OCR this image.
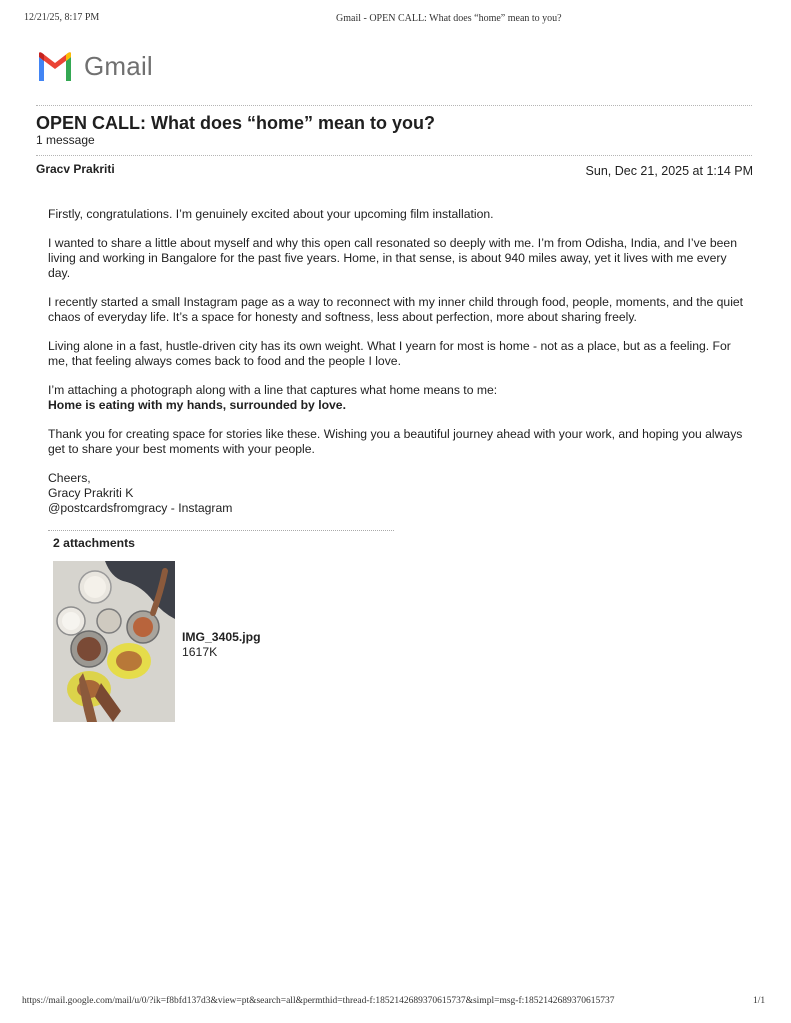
12/21/25, 8:17 PM	Gmail - OPEN CALL: What does “home” mean to you?
Gmail
OPEN CALL: What does “home” mean to you?
1 message
Gracv Prakriti	Sun, Dec 21, 2025 at 1:14 PM

Firstly, congratulations. I’m genuinely excited about your upcoming film installation.

I wanted to share a little about myself and why this open call resonated so deeply with me. I’m from Odisha, India, and I’ve been living and working in Bangalore for the past five years. Home, in that sense, is about 940 miles away, yet it lives with me every day.

I recently started a small Instagram page as a way to reconnect with my inner child through food, people, moments, and the quiet chaos of everyday life. It’s a space for honesty and softness, less about perfection, more about sharing freely.

Living alone in a fast, hustle-driven city has its own weight. What I yearn for most is home - not as a place, but as a feeling. For me, that feeling always comes back to food and the people I love.

I’m attaching a photograph along with a line that captures what home means to me:
Home is eating with my hands, surrounded by love.

Thank you for creating space for stories like these. Wishing you a beautiful journey ahead with your work, and hoping you always get to share your best moments with your people.

Cheers,
Gracy Prakriti K
@postcardsfromgracy - Instagram

2 attachments
IMG_3405.jpg
1617K
https://mail.google.com/mail/u/0/?ik=f8bfd137d3&view=pt&search=all&permthid=thread-f:1852142689370615737&simpl=msg-f:1852142689370615737	1/1
